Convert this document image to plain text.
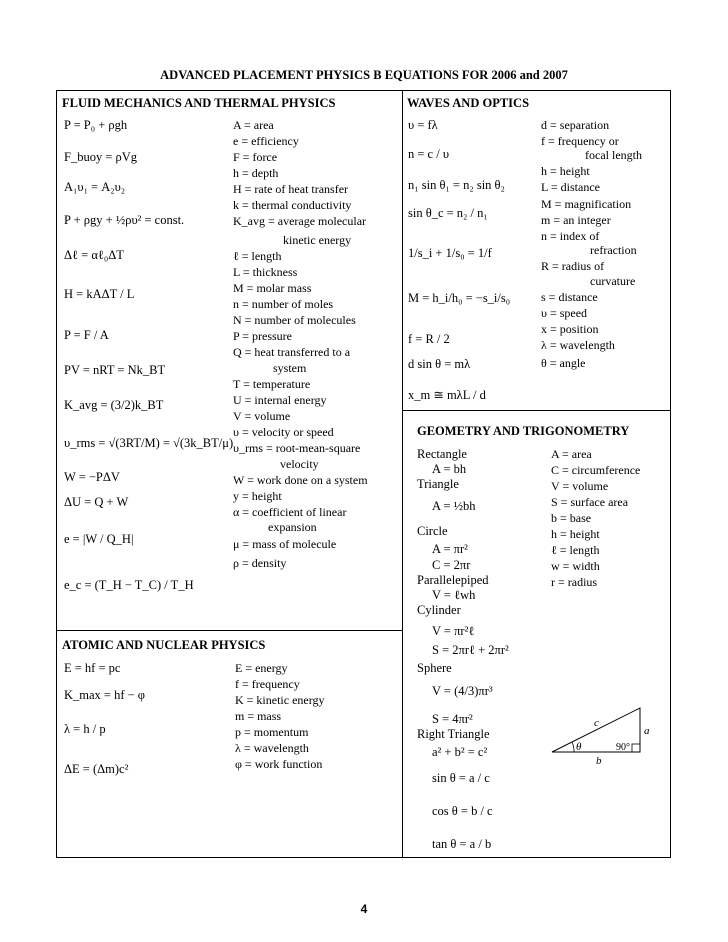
ADVANCED PLACEMENT PHYSICS B EQUATIONS FOR 2006 and 2007
FLUID MECHANICS AND THERMAL PHYSICS	WAVES AND OPTICS
ATOMIC AND NUCLEAR PHYSICS
GEOMETRY AND TRIGONOMETRY
P = P₀ + ρgh
F_buoy = ρVg
A₁υ₁ = A₂υ₂
P + ρgy + ½ρυ² = const.
Δℓ = αℓ₀ΔT
H = kAΔT / L
P = F / A
PV = nRT = Nk_BT
K_avg = (3/2)k_BT
υ_rms = √(3RT/M) = √(3k_BT/μ)
W = −PΔV
ΔU = Q + W
e = |W / Q_H|
e_c = (T_H − T_C) / T_H
A = area
e = efficiency
F = force
h = depth
H = rate of heat transfer
k = thermal conductivity
K_avg = average molecular
kinetic energy
ℓ = length
L = thickness
M = molar mass
n = number of moles
N = number of molecules
P = pressure
Q = heat transferred to a
system
T = temperature
U = internal energy
V = volume
υ = velocity or speed
υ_rms = root-mean-square
velocity
W = work done on a system
y = height
α = coefficient of linear
expansion
μ = mass of molecule
ρ = density
E = hf = pc
K_max = hf − φ
λ = h / p
ΔE = (Δm)c²
E = energy
f = frequency
K = kinetic energy
m = mass
p = momentum
λ = wavelength
φ = work function
υ = fλ
n = c / υ
n₁ sin θ₁ = n₂ sin θ₂
sin θ_c = n₂ / n₁
1/s_i + 1/s₀ = 1/f
M = h_i/h₀ = −s_i/s₀
f = R / 2
d sin θ = mλ
x_m ≅ mλL / d
d = separation
f = frequency or
focal length
h = height
L = distance
M = magnification
m = an integer
n = index of
refraction
R = radius of
curvature
s = distance
υ = speed
x = position
λ = wavelength
θ = angle
Rectangle
A = bh
Triangle
A = ½bh
Circle
A = πr²
C = 2πr
Parallelepiped
V = ℓwh
Cylinder
V = πr²ℓ
S = 2πrℓ + 2πr²
Sphere
V = (4/3)πr³
S = 4πr²
Right Triangle
a² + b² = c²
sin θ = a / c
cos θ = b / c
tan θ = a / b
A = area
C = circumference
V = volume
S = surface area
b = base
h = height
ℓ = length
w = width
r = radius
c
a
b
θ	90°
4
